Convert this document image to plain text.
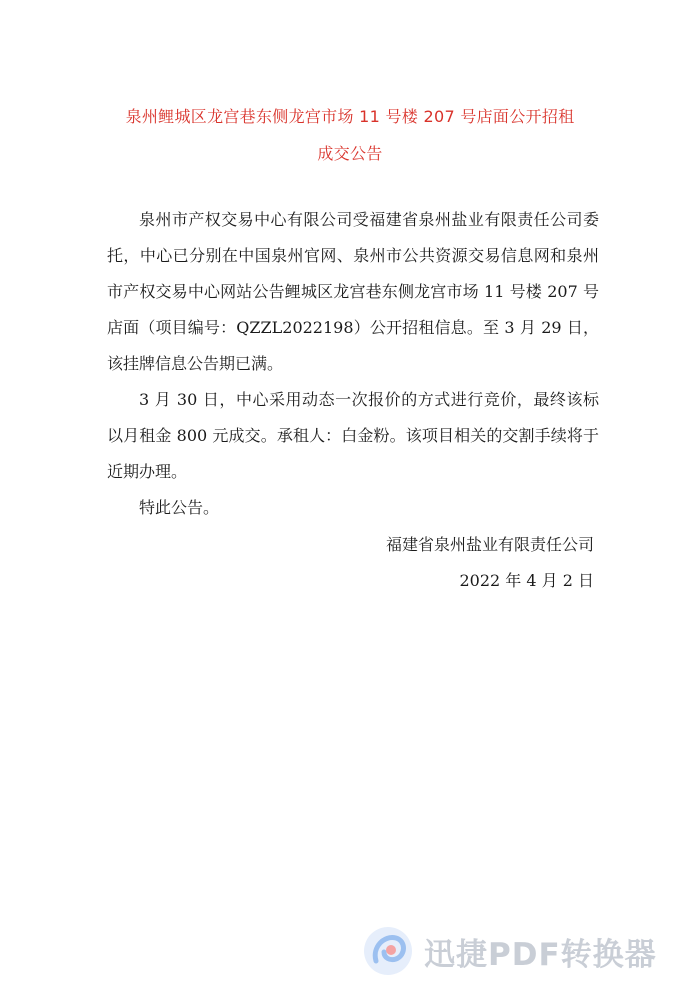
泉州鲤城区龙宫巷东侧龙宫市场 11 号楼 207 号店面公开招租
成交公告

泉州市产权交易中心有限公司受福建省泉州盐业有限责任公司委托，中心已分别在中国泉州官网、泉州市公共资源交易信息网和泉州市产权交易中心网站公告鲤城区龙宫巷东侧龙宫市场 11 号楼 207 号店面（项目编号：QZZL2022198）公开招租信息。至 3 月 29 日，该挂牌信息公告期已满。

3 月 30 日，中心采用动态一次报价的方式进行竞价，最终该标以月租金 800 元成交。承租人：白金粉。该项目相关的交割手续将于近期办理。

特此公告。

福建省泉州盐业有限责任公司
2022 年 4 月 2 日
迅捷PDF转换器
